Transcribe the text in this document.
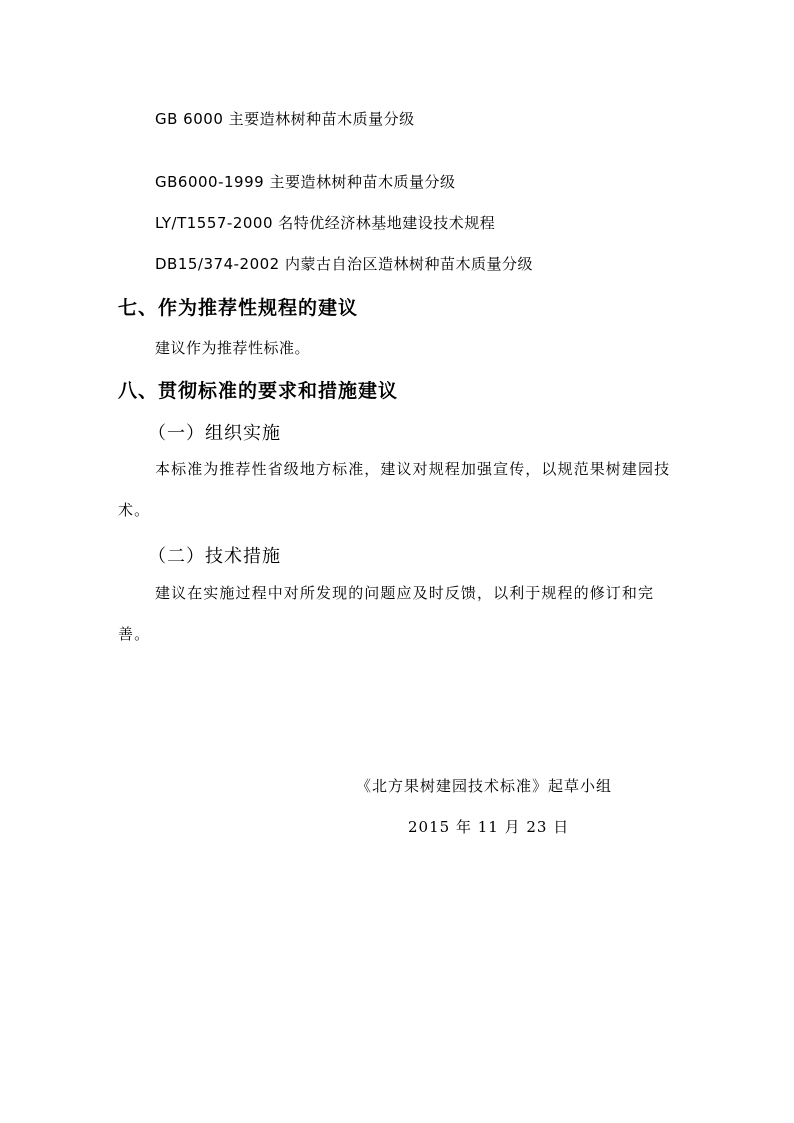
GB 6000 主要造林树种苗木质量分级
GB6000-1999 主要造林树种苗木质量分级
LY/T1557-2000 名特优经济林基地建设技术规程
DB15/374-2002 内蒙古自治区造林树种苗木质量分级
七、作为推荐性规程的建议
建议作为推荐性标准。
八、贯彻标准的要求和措施建议
（一）组织实施
本标准为推荐性省级地方标准，建议对规程加强宣传，以规范果树建园技术。
（二）技术措施
建议在实施过程中对所发现的问题应及时反馈，以利于规程的修订和完善。
《北方果树建园技术标准》起草小组
2015 年 11 月 23 日
